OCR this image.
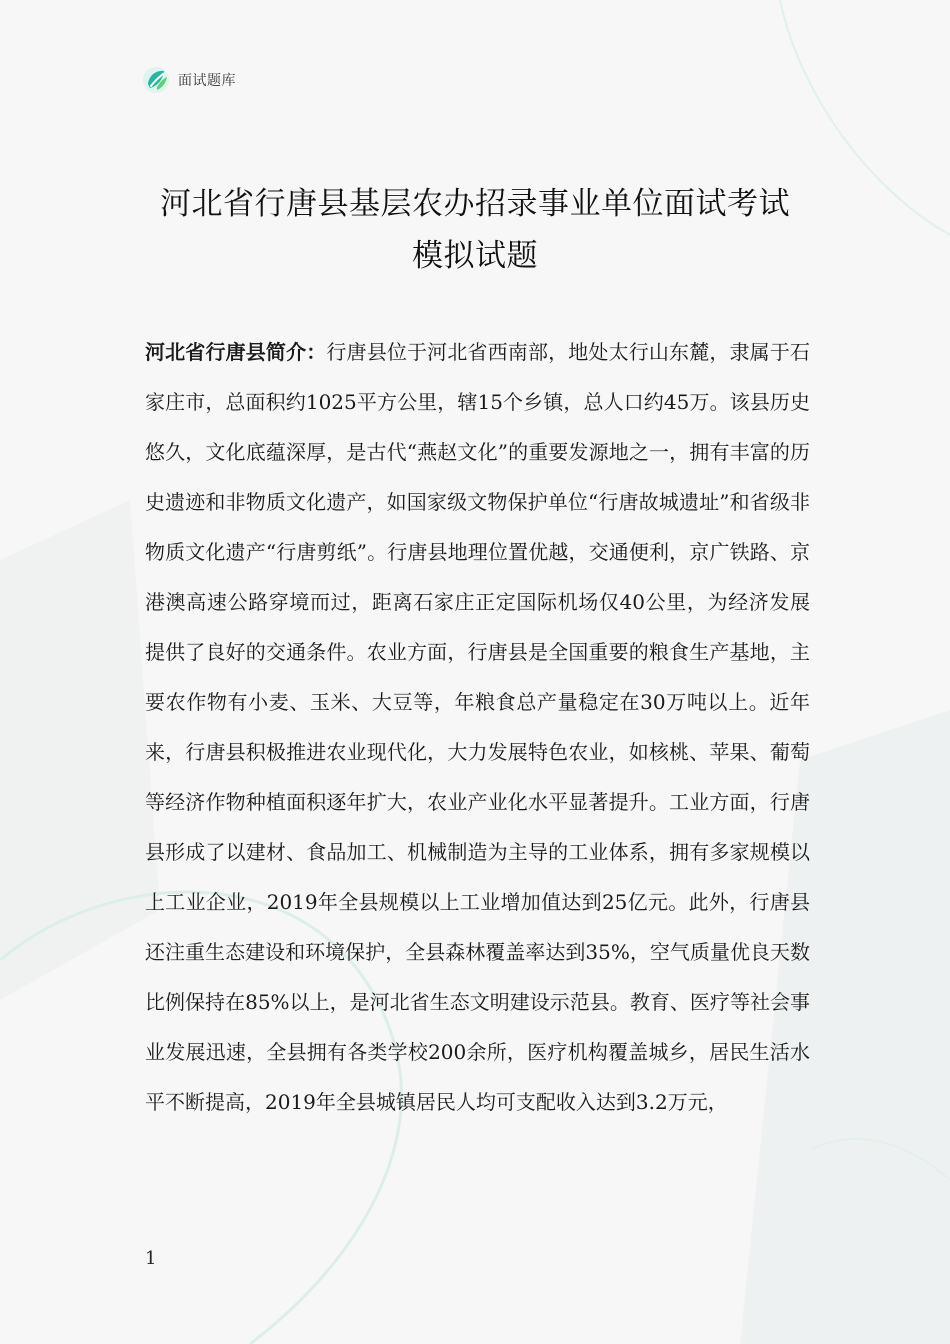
面试题库
河北省行唐县基层农办招录事业单位面试考试
模拟试题

河北省行唐县简介：行唐县位于河北省西南部，地处太行山东麓，隶属于石家庄市，总面积约1025平方公里，辖15个乡镇，总人口约45万。该县历史悠久，文化底蕴深厚，是古代“燕赵文化”的重要发源地之一，拥有丰富的历史遗迹和非物质文化遗产，如国家级文物保护单位“行唐故城遗址”和省级非物质文化遗产“行唐剪纸”。行唐县地理位置优越，交通便利，京广铁路、京港澳高速公路穿境而过，距离石家庄正定国际机场仅40公里，为经济发展提供了良好的交通条件。农业方面，行唐县是全国重要的粮食生产基地，主要农作物有小麦、玉米、大豆等，年粮食总产量稳定在30万吨以上。近年来，行唐县积极推进农业现代化，大力发展特色农业，如核桃、苹果、葡萄等经济作物种植面积逐年扩大，农业产业化水平显著提升。工业方面，行唐县形成了以建材、食品加工、机械制造为主导的工业体系，拥有多家规模以上工业企业，2019年全县规模以上工业增加值达到25亿元。此外，行唐县还注重生态建设和环境保护，全县森林覆盖率达到35%，空气质量优良天数比例保持在85%以上，是河北省生态文明建设示范县。教育、医疗等社会事业发展迅速，全县拥有各类学校200余所，医疗机构覆盖城乡，居民生活水平不断提高，2019年全县城镇居民人均可支配收入达到3.2万元，

1
